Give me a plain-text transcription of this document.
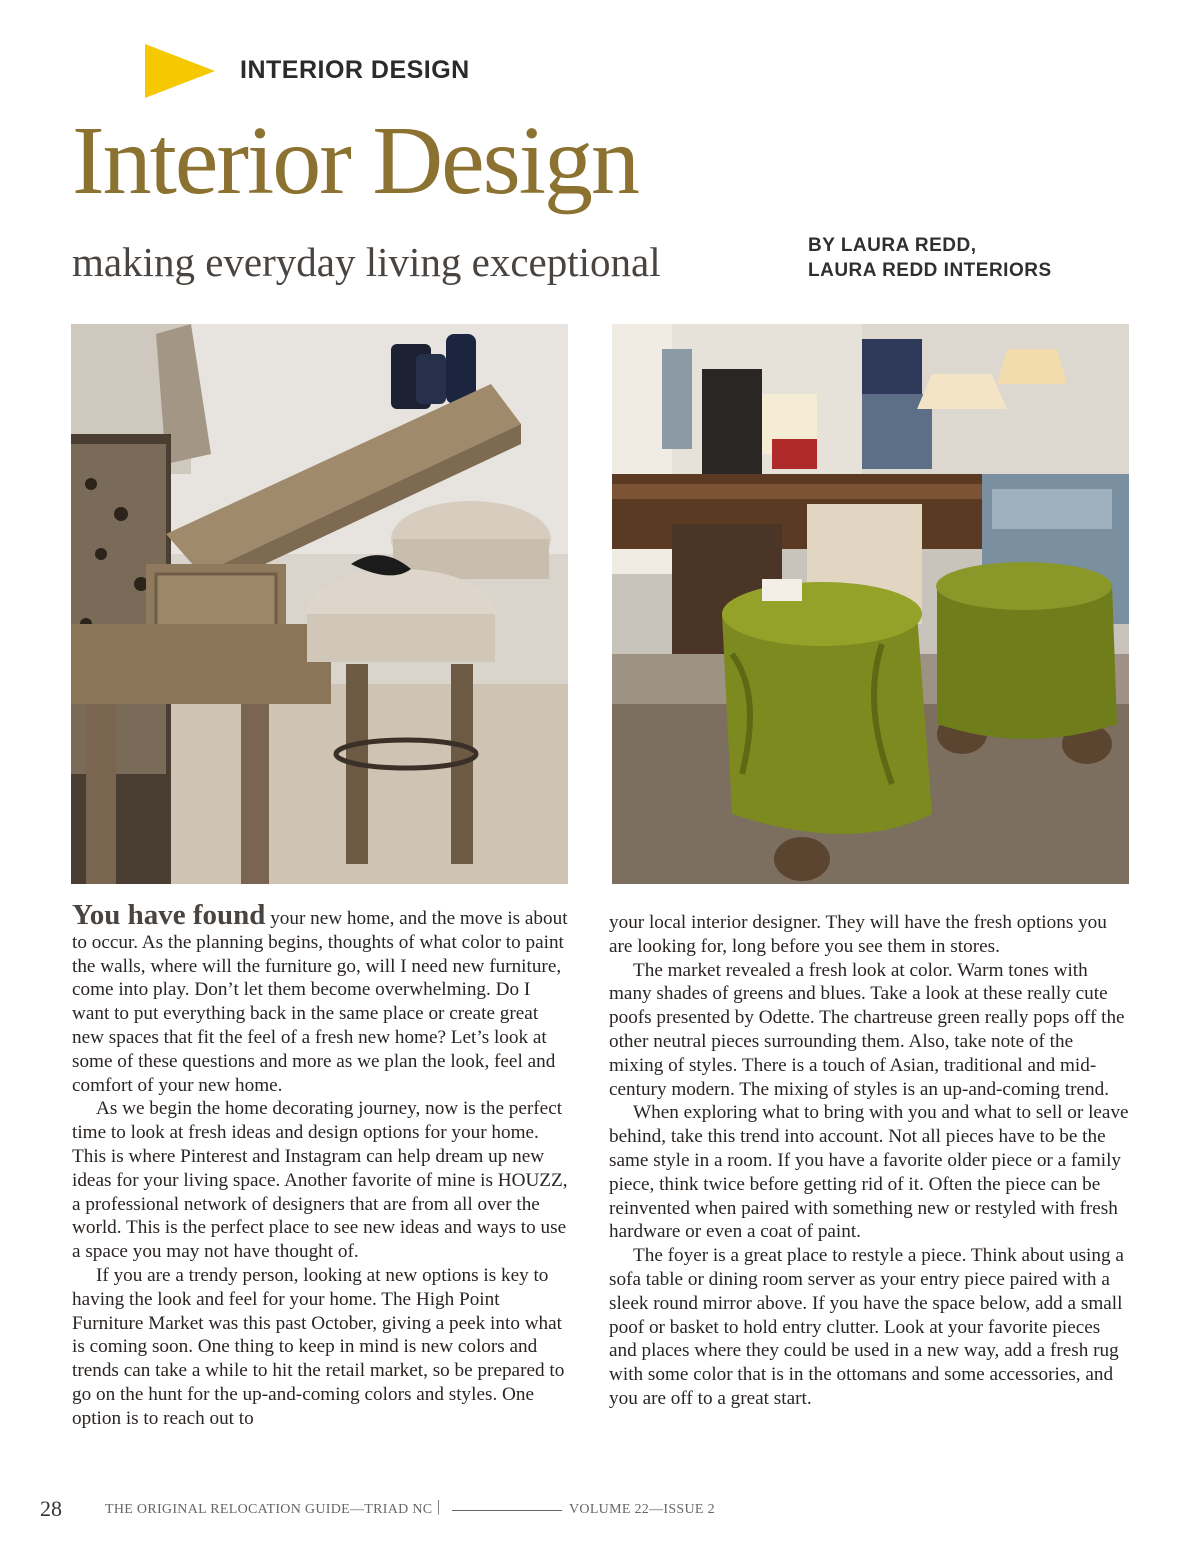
INTERIOR DESIGN
Interior Design
making everyday living exceptional	BY LAURA REDD,
LAURA REDD INTERIORS

You have found your new home, and the move is about to occur. As the planning begins, thoughts of what color to paint the walls, where will the furniture go, will I need new furniture, come into play. Don’t let them become overwhelming. Do I want to put everything back in the same place or create great new spaces that fit the feel of a fresh new home? Let’s look at some of these questions and more as we plan the look, feel and comfort of your new home.

As we begin the home decorating journey, now is the perfect time to look at fresh ideas and design options for your home. This is where Pinterest and Instagram can help dream up new ideas for your living space. Another favorite of mine is HOUZZ, a professional network of designers that are from all over the world. This is the perfect place to see new ideas and ways to use a space you may not have thought of.

If you are a trendy person, looking at new options is key to having the look and feel for your home. The High Point Furniture Market was this past October, giving a peek into what is coming soon. One thing to keep in mind is new colors and trends can take a while to hit the retail market, so be prepared to go on the hunt for the up-and-coming colors and styles. One option is to reach out to

your local interior designer. They will have the fresh options you are looking for, long before you see them in stores.

The market revealed a fresh look at color. Warm tones with many shades of greens and blues. Take a look at these really cute poofs presented by Odette. The chartreuse green really pops off the other neutral pieces surrounding them. Also, take note of the mixing of styles. There is a touch of Asian, traditional and mid-century modern. The mixing of styles is an up-and-coming trend.

When exploring what to bring with you and what to sell or leave behind, take this trend into account. Not all pieces have to be the same style in a room. If you have a favorite older piece or a family piece, think twice before getting rid of it. Often the piece can be reinvented when paired with something new or restyled with fresh hardware or even a coat of paint.

The foyer is a great place to restyle a piece. Think about using a sofa table or dining room server as your entry piece paired with a sleek round mirror above. If you have the space below, add a small poof or basket to hold entry clutter. Look at your favorite pieces and places where they could be used in a new way, add a fresh rug with some color that is in the ottomans and some accessories, and you are off to a great start.

28	THE ORIGINAL RELOCATION GUIDE—TRIAD NC |	VOLUME 22—ISSUE 2
